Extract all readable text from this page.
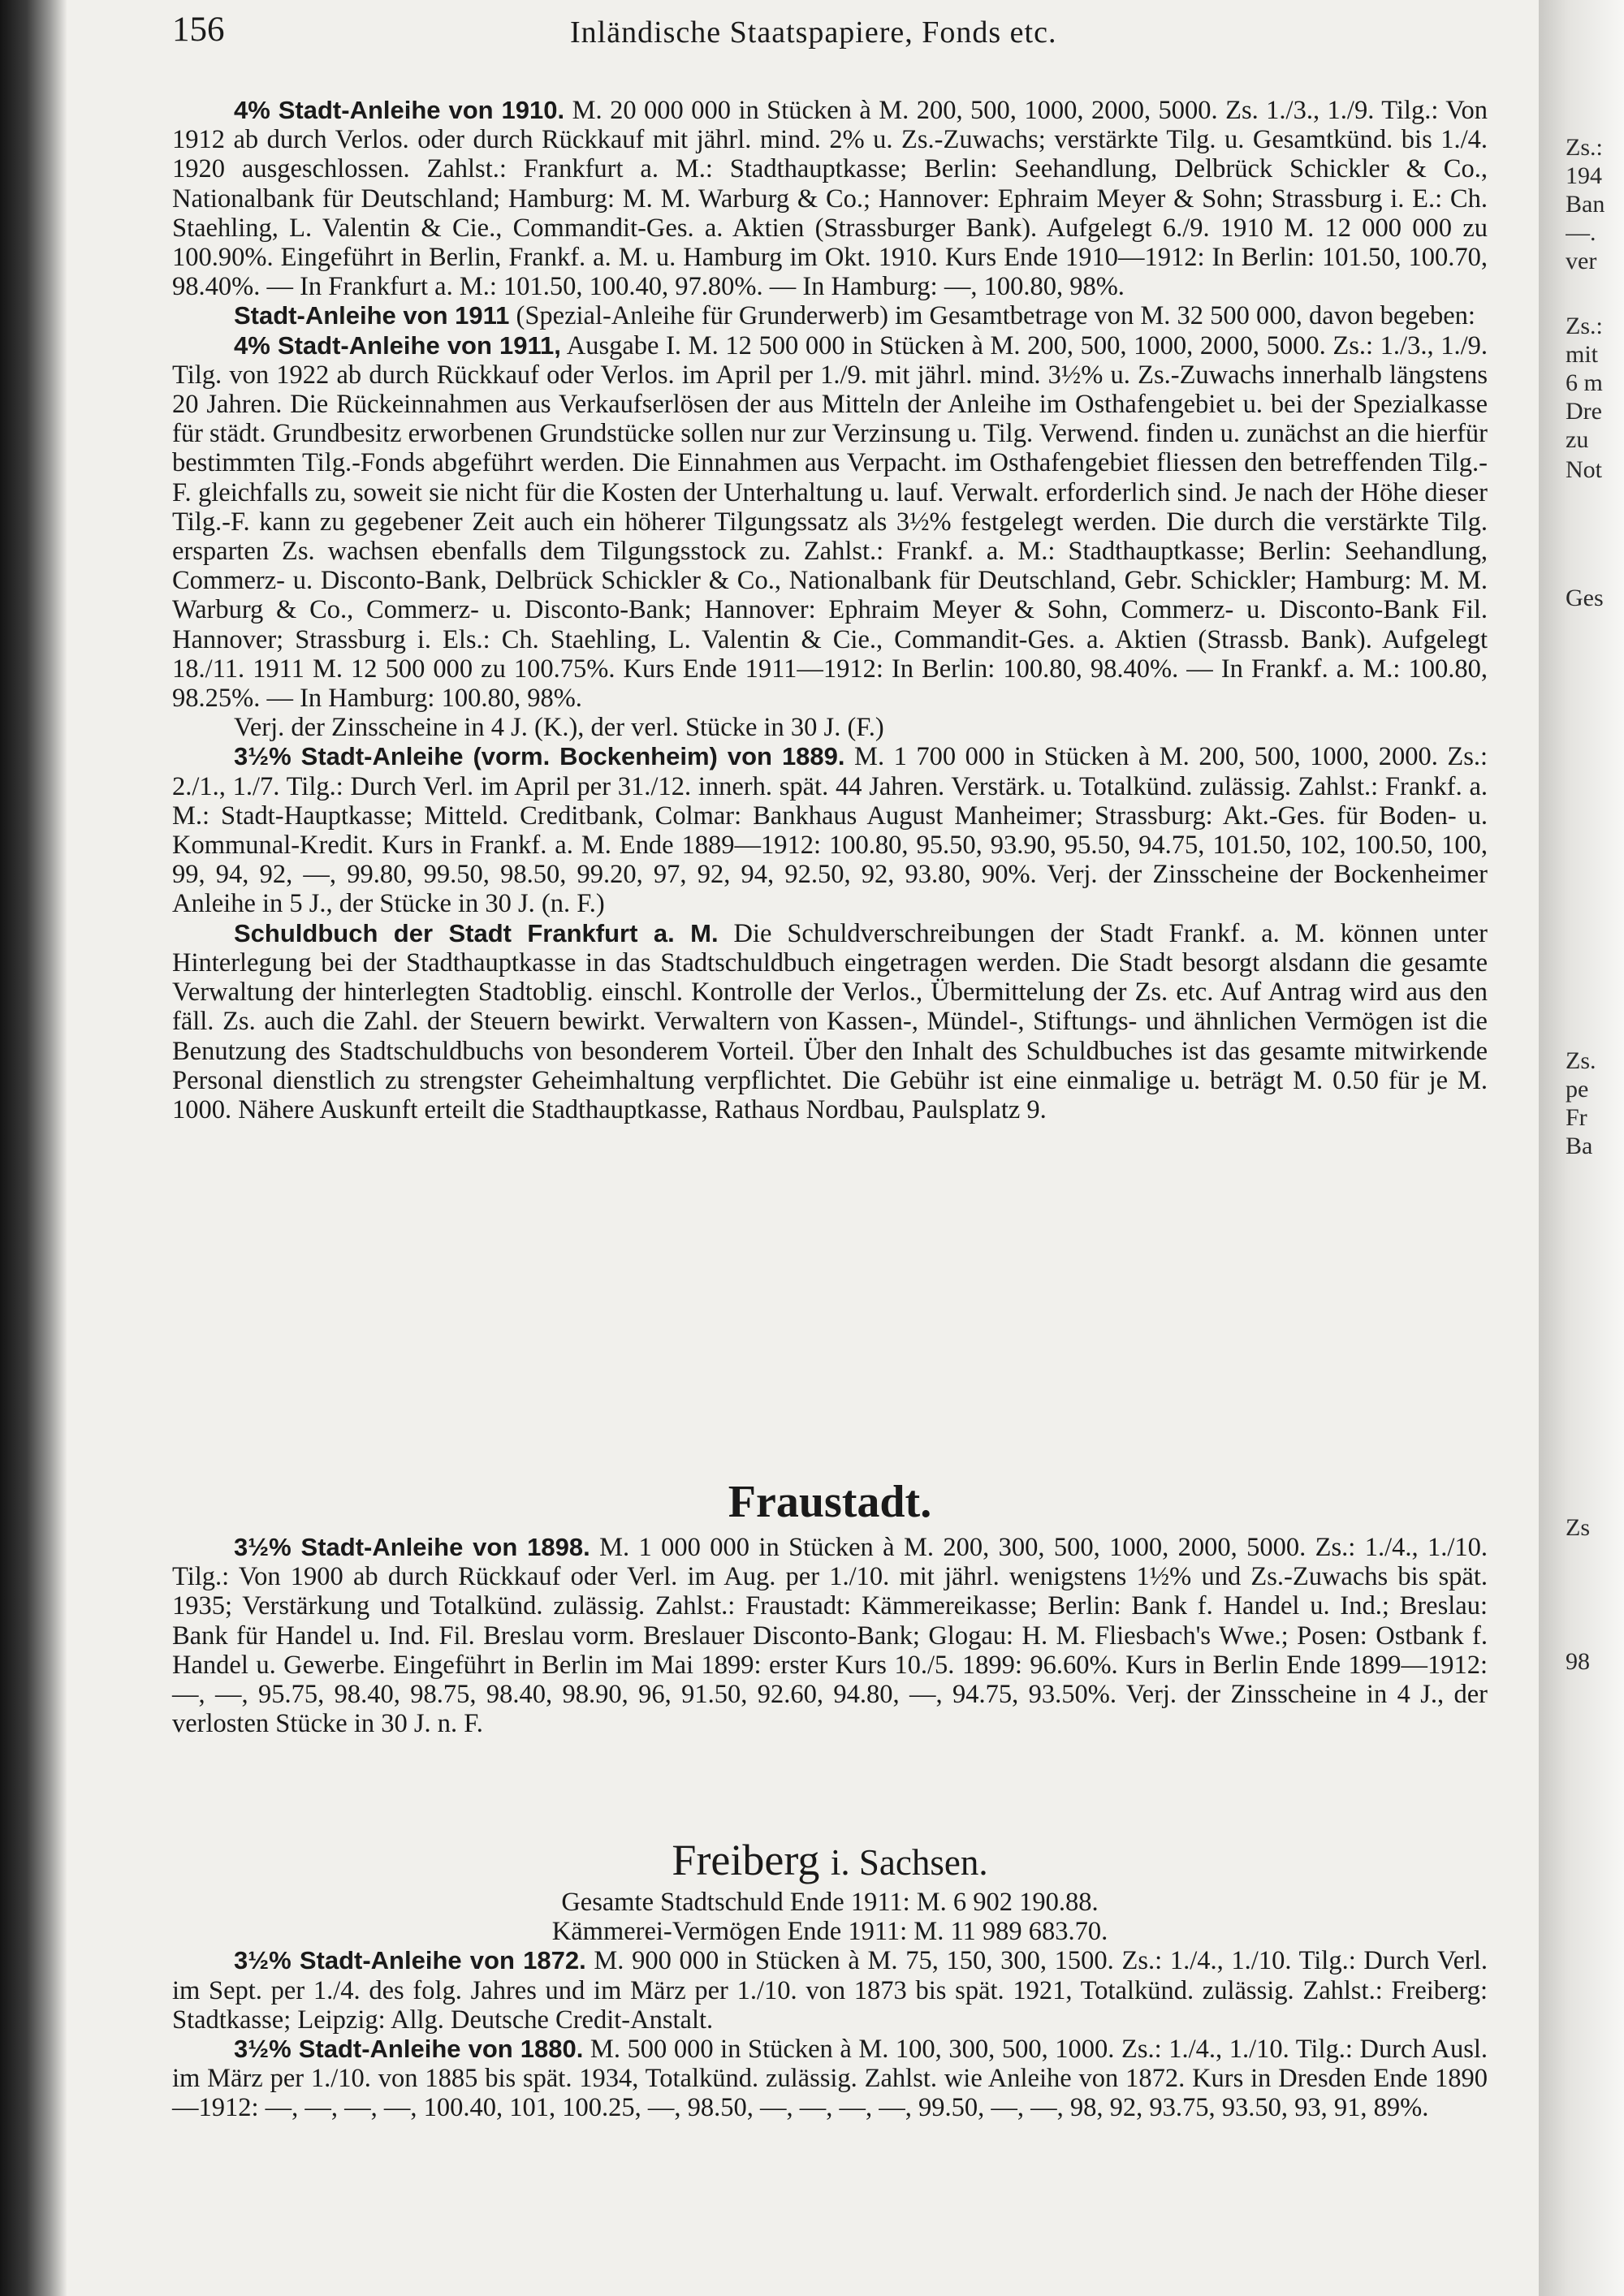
Zs.:
194
Ban
—.
ver
Zs.:
mit
6 m
Dre
zu
Not
Ges
Zs.
pe
Fr
Ba
Zs
98
156	Inländische Staatspapiere, Fonds etc.

4% Stadt-Anleihe von 1910. M. 20 000 000 in Stücken à M. 200, 500, 1000, 2000, 5000. Zs. 1./3., 1./9. Tilg.: Von 1912 ab durch Verlos. oder durch Rückkauf mit jährl. mind. 2% u. Zs.-Zuwachs; verstärkte Tilg. u. Gesamtkünd. bis 1./4. 1920 ausgeschlossen. Zahlst.: Frankfurt a. M.: Stadthauptkasse; Berlin: Seehandlung, Delbrück Schickler & Co., Nationalbank für Deutschland; Hamburg: M. M. Warburg & Co.; Hannover: Ephraim Meyer & Sohn; Strassburg i. E.: Ch. Staehling, L. Valentin & Cie., Commandit-Ges. a. Aktien (Strassburger Bank). Aufgelegt 6./9. 1910 M. 12 000 000 zu 100.90%. Eingeführt in Berlin, Frankf. a. M. u. Hamburg im Okt. 1910. Kurs Ende 1910—1912: In Berlin: 101.50, 100.70, 98.40%. — In Frankfurt a. M.: 101.50, 100.40, 97.80%. — In Hamburg: —, 100.80, 98%.

Stadt-Anleihe von 1911 (Spezial-Anleihe für Grunderwerb) im Gesamtbetrage von M. 32 500 000, davon begeben:

4% Stadt-Anleihe von 1911, Ausgabe I. M. 12 500 000 in Stücken à M. 200, 500, 1000, 2000, 5000. Zs.: 1./3., 1./9. Tilg. von 1922 ab durch Rückkauf oder Verlos. im April per 1./9. mit jährl. mind. 3½% u. Zs.-Zuwachs innerhalb längstens 20 Jahren. Die Rückeinnahmen aus Verkaufserlösen der aus Mitteln der Anleihe im Osthafengebiet u. bei der Spezialkasse für städt. Grundbesitz erworbenen Grundstücke sollen nur zur Verzinsung u. Tilg. Verwend. finden u. zunächst an die hierfür bestimmten Tilg.-Fonds abgeführt werden. Die Einnahmen aus Verpacht. im Osthafengebiet fliessen den betreffenden Tilg.-F. gleichfalls zu, soweit sie nicht für die Kosten der Unterhaltung u. lauf. Verwalt. erforderlich sind. Je nach der Höhe dieser Tilg.-F. kann zu gegebener Zeit auch ein höherer Tilgungssatz als 3½% festgelegt werden. Die durch die verstärkte Tilg. ersparten Zs. wachsen ebenfalls dem Tilgungsstock zu. Zahlst.: Frankf. a. M.: Stadthauptkasse; Berlin: Seehandlung, Commerz- u. Disconto-Bank, Delbrück Schickler & Co., Nationalbank für Deutschland, Gebr. Schickler; Hamburg: M. M. Warburg & Co., Commerz- u. Disconto-Bank; Hannover: Ephraim Meyer & Sohn, Commerz- u. Disconto-Bank Fil. Hannover; Strassburg i. Els.: Ch. Staehling, L. Valentin & Cie., Commandit-Ges. a. Aktien (Strassb. Bank). Aufgelegt 18./11. 1911 M. 12 500 000 zu 100.75%. Kurs Ende 1911—1912: In Berlin: 100.80, 98.40%. — In Frankf. a. M.: 100.80, 98.25%. — In Hamburg: 100.80, 98%.

Verj. der Zinsscheine in 4 J. (K.), der verl. Stücke in 30 J. (F.)

3½% Stadt-Anleihe (vorm. Bockenheim) von 1889. M. 1 700 000 in Stücken à M. 200, 500, 1000, 2000. Zs.: 2./1., 1./7. Tilg.: Durch Verl. im April per 31./12. innerh. spät. 44 Jahren. Verstärk. u. Totalkünd. zulässig. Zahlst.: Frankf. a. M.: Stadt-Hauptkasse; Mitteld. Creditbank, Colmar: Bankhaus August Manheimer; Strassburg: Akt.-Ges. für Boden- u. Kommunal-Kredit. Kurs in Frankf. a. M. Ende 1889—1912: 100.80, 95.50, 93.90, 95.50, 94.75, 101.50, 102, 100.50, 100, 99, 94, 92, —, 99.80, 99.50, 98.50, 99.20, 97, 92, 94, 92.50, 92, 93.80, 90%. Verj. der Zinsscheine der Bockenheimer Anleihe in 5 J., der Stücke in 30 J. (n. F.)

Schuldbuch der Stadt Frankfurt a. M. Die Schuldverschreibungen der Stadt Frankf. a. M. können unter Hinterlegung bei der Stadthauptkasse in das Stadtschuldbuch eingetragen werden. Die Stadt besorgt alsdann die gesamte Verwaltung der hinterlegten Stadtoblig. einschl. Kontrolle der Verlos., Übermittelung der Zs. etc. Auf Antrag wird aus den fäll. Zs. auch die Zahl. der Steuern bewirkt. Verwaltern von Kassen-, Mündel-, Stiftungs- und ähnlichen Vermögen ist die Benutzung des Stadtschuldbuchs von besonderem Vorteil. Über den Inhalt des Schuldbuches ist das gesamte mitwirkende Personal dienstlich zu strengster Geheimhaltung verpflichtet. Die Gebühr ist eine einmalige u. beträgt M. 0.50 für je M. 1000. Nähere Auskunft erteilt die Stadthauptkasse, Rathaus Nordbau, Paulsplatz 9.

Fraustadt.

3½% Stadt-Anleihe von 1898. M. 1 000 000 in Stücken à M. 200, 300, 500, 1000, 2000, 5000. Zs.: 1./4., 1./10. Tilg.: Von 1900 ab durch Rückkauf oder Verl. im Aug. per 1./10. mit jährl. wenigstens 1½% und Zs.-Zuwachs bis spät. 1935; Verstärkung und Totalkünd. zulässig. Zahlst.: Fraustadt: Kämmereikasse; Berlin: Bank f. Handel u. Ind.; Breslau: Bank für Handel u. Ind. Fil. Breslau vorm. Breslauer Disconto-Bank; Glogau: H. M. Fliesbach's Wwe.; Posen: Ostbank f. Handel u. Gewerbe. Eingeführt in Berlin im Mai 1899: erster Kurs 10./5. 1899: 96.60%. Kurs in Berlin Ende 1899—1912: —, —, 95.75, 98.40, 98.75, 98.40, 98.90, 96, 91.50, 92.60, 94.80, —, 94.75, 93.50%. Verj. der Zinsscheine in 4 J., der verlosten Stücke in 30 J. n. F.

Freiberg i. Sachsen.

Gesamte Stadtschuld Ende 1911: M. 6 902 190.88.

Kämmerei-Vermögen Ende 1911: M. 11 989 683.70.

3½% Stadt-Anleihe von 1872. M. 900 000 in Stücken à M. 75, 150, 300, 1500. Zs.: 1./4., 1./10. Tilg.: Durch Verl. im Sept. per 1./4. des folg. Jahres und im März per 1./10. von 1873 bis spät. 1921, Totalkünd. zulässig. Zahlst.: Freiberg: Stadtkasse; Leipzig: Allg. Deutsche Credit-Anstalt.

3½% Stadt-Anleihe von 1880. M. 500 000 in Stücken à M. 100, 300, 500, 1000. Zs.: 1./4., 1./10. Tilg.: Durch Ausl. im März per 1./10. von 1885 bis spät. 1934, Totalkünd. zulässig. Zahlst. wie Anleihe von 1872. Kurs in Dresden Ende 1890—1912: —, —, —, —, 100.40, 101, 100.25, —, 98.50, —, —, —, —, 99.50, —, —, 98, 92, 93.75, 93.50, 93, 91, 89%.
